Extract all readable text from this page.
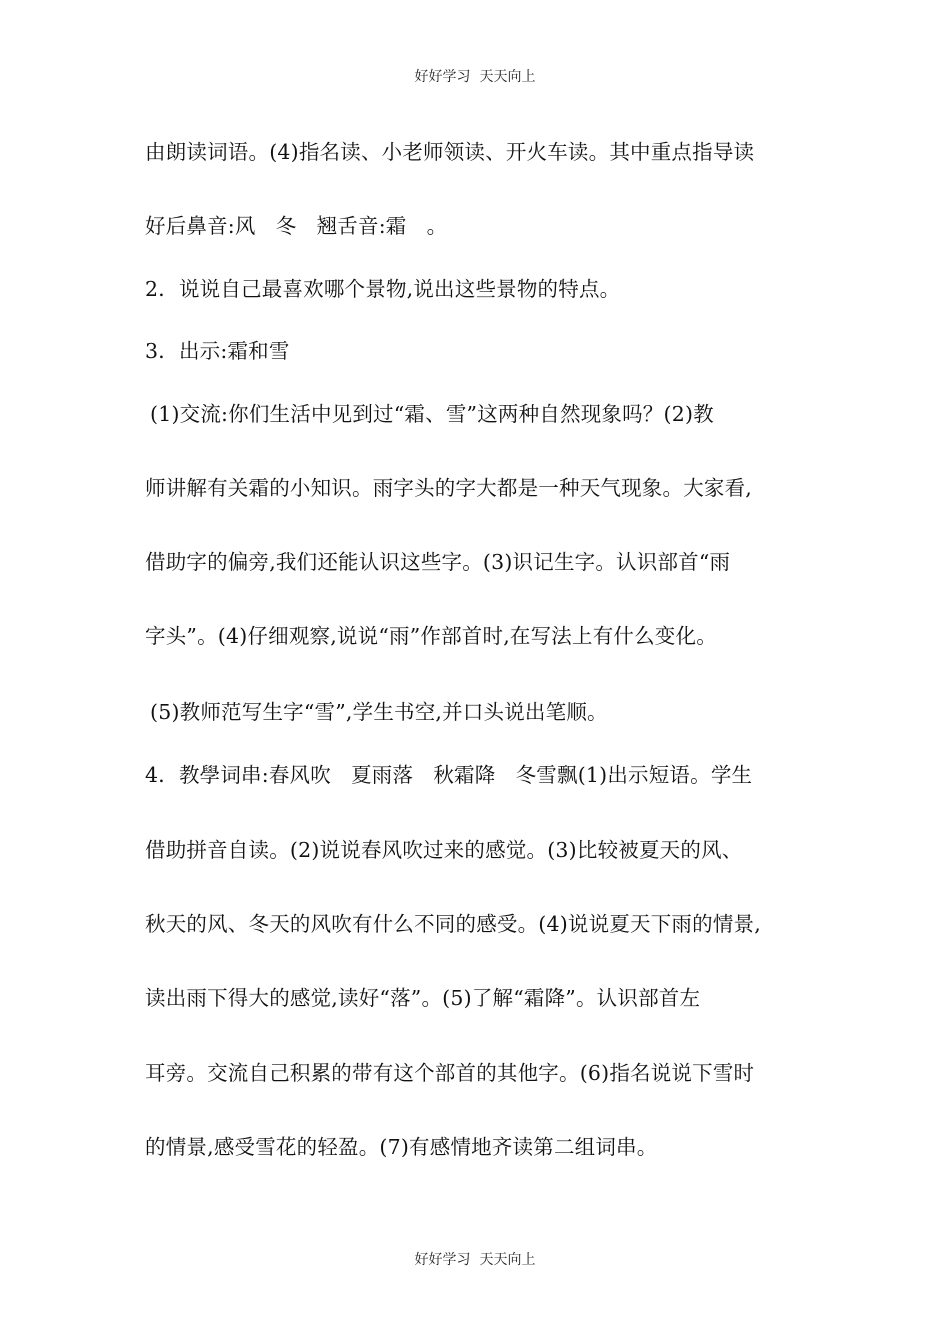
好好学习  天天向上
由朗读词语。(4)指名读、小老师领读、开火车读。其中重点指导读
好后鼻音:风   冬   翘舌音:霜   。
2．说说自己最喜欢哪个景物,说出这些景物的特点。
3．出示:霜和雪
(1)交流:你们生活中见到过“霜、雪”这两种自然现象吗？(2)教
师讲解有关霜的小知识。雨字头的字大都是一种天气现象。大家看,
借助字的偏旁,我们还能认识这些字。(3)识记生字。认识部首“雨
字头”。(4)仔细观察,说说“雨”作部首时,在写法上有什么变化。
(5)教师范写生字“雪”,学生书空,并口头说出笔顺。
4．教學词串:春风吹   夏雨落   秋霜降   冬雪飘(1)出示短语。学生
借助拼音自读。(2)说说春风吹过来的感觉。(3)比较被夏天的风、
秋天的风、冬天的风吹有什么不同的感受。(4)说说夏天下雨的情景,
读出雨下得大的感觉,读好“落”。(5)了解“霜降”。认识部首左
耳旁。交流自己积累的带有这个部首的其他字。(6)指名说说下雪时
的情景,感受雪花的轻盈。(7)有感情地齐读第二组词串。
好好学习  天天向上
